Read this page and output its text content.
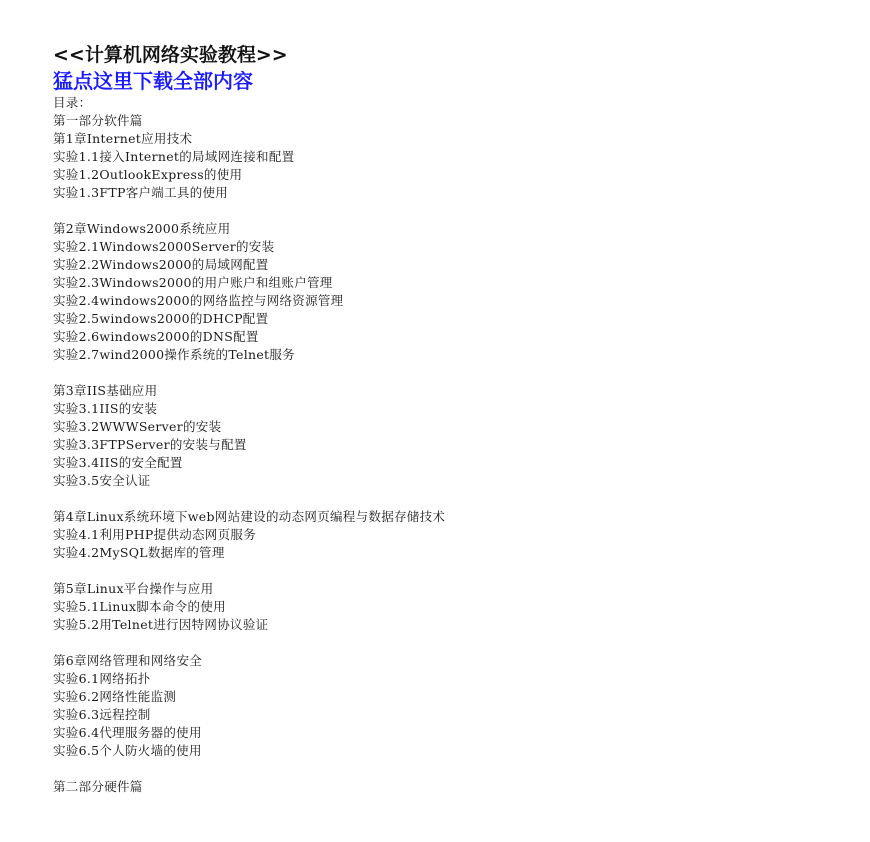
<<计算机网络实验教程>>
猛点这里下载全部内容
目录：
第一部分软件篇
第1章Internet应用技术
实验1.1接入Internet的局域网连接和配置
实验1.2OutlookExpress的使用
实验1.3FTP客户端工具的使用
第2章Windows2000系统应用
实验2.1Windows2000Server的安装
实验2.2Windows2000的局域网配置
实验2.3Windows2000的用户账户和组账户管理
实验2.4windows2000的网络监控与网络资源管理
实验2.5windows2000的DHCP配置
实验2.6windows2000的DNS配置
实验2.7wind2000操作系统的Telnet服务
第3章IIS基础应用
实验3.1IIS的安装
实验3.2WWWServer的安装
实验3.3FTPServer的安装与配置
实验3.4IIS的安全配置
实验3.5安全认证
第4章Linux系统环境下web网站建设的动态网页编程与数据存储技术
实验4.1利用PHP提供动态网页服务
实验4.2MySQL数据库的管理
第5章Linux平台操作与应用
实验5.1Linux脚本命令的使用
实验5.2用Telnet进行因特网协议验证
第6章网络管理和网络安全
实验6.1网络拓扑
实验6.2网络性能监测
实验6.3远程控制
实验6.4代理服务器的使用
实验6.5个人防火墙的使用
第二部分硬件篇
